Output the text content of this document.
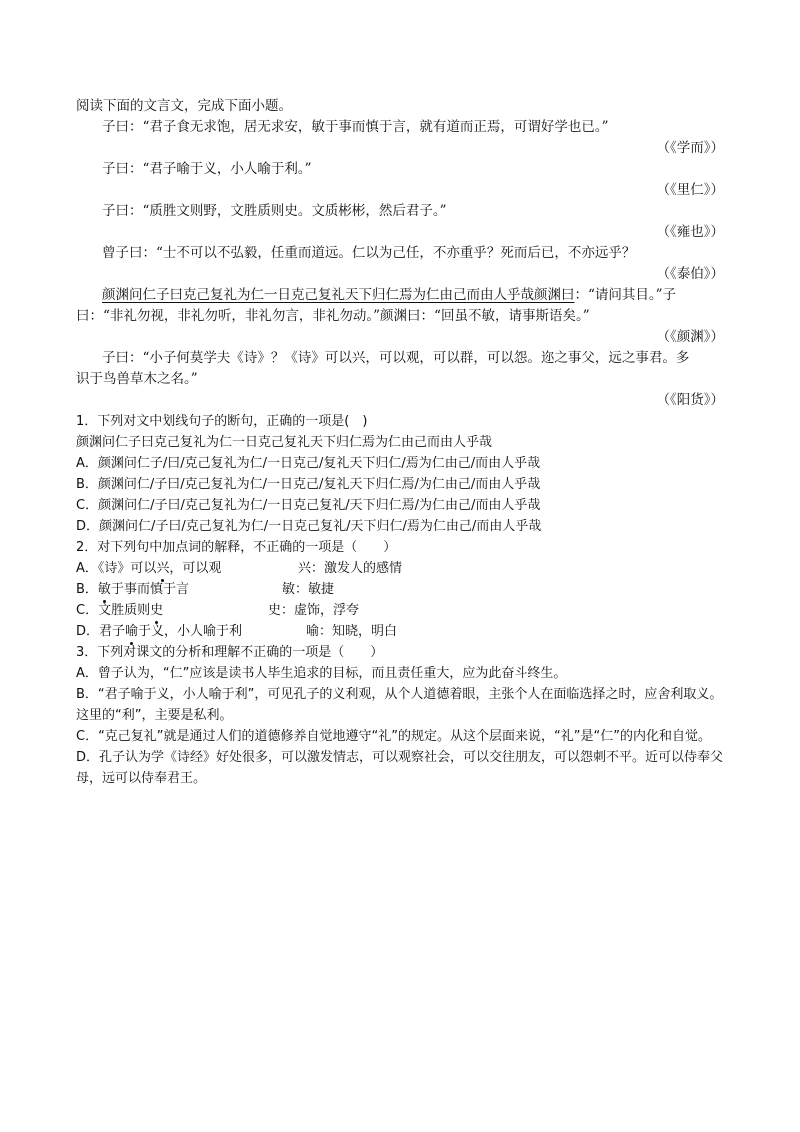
阅读下面的文言文，完成下面小题。
子曰：“君子食无求饱，居无求安，敏于事而慎于言，就有道而正焉，可谓好学也已。”
（《学而》）
子曰：“君子喻于义，小人喻于利。”
（《里仁》）
子曰：“质胜文则野，文胜质则史。文质彬彬，然后君子。”
（《雍也》）
曾子曰：“士不可以不弘毅，任重而道远。仁以为己任，不亦重乎？死而后已，不亦远乎？
（《泰伯》）
颜渊问仁子曰克己复礼为仁一日克己复礼天下归仁焉为仁由己而由人乎哉颜渊曰：“请问其目。”子
曰：“非礼勿视，非礼勿听，非礼勿言，非礼勿动。”颜渊曰：“回虽不敏，请事斯语矣。”
（《颜渊》）
子曰：“小子何莫学夫《诗》？《诗》可以兴，可以观，可以群，可以怨。迩之事父，远之事君。多
识于鸟兽草木之名。”
（《阳货》）
1．下列对文中划线句子的断句，正确的一项是(　)
颜渊问仁子曰克己复礼为仁一日克己复礼天下归仁焉为仁由己而由人乎哉
A．颜渊问仁子/曰/克己复礼为仁/一日克己/复礼天下归仁/焉为仁由己/而由人乎哉
B．颜渊问仁/子曰/克己复礼为仁/一日克己/复礼天下归仁焉/为仁由己/而由人乎哉
C．颜渊问仁/子曰/克己复礼为仁/一日克己复礼/天下归仁焉/为仁由己/而由人乎哉
D．颜渊问仁/子曰/克己复礼为仁/一日克己复礼/天下归仁/焉为仁由己/而由人乎哉
2．对下列句中加点词的解释，不正确的一项是（　　）
A．《诗》可以兴，可以观	兴：激发人的感情
B．敏于事而慎于言	敏：敏捷
C．文胜质则史	史：虚饰，浮夸
D．君子喻于义，小人喻于利	喻：知晓，明白
3．下列对课文的分析和理解不正确的一项是（　　）
A．曾子认为，“仁”应该是读书人毕生追求的目标，而且责任重大，应为此奋斗终生。
B．“君子喻于义，小人喻于利”，可见孔子的义利观，从个人道德着眼，主张个人在面临选择之时，应舍利取义。这里的“利”，主要是私利。
C．“克己复礼”就是通过人们的道德修养自觉地遵守“礼”的规定。从这个层面来说，“礼”是“仁”的内化和自觉。
D．孔子认为学《诗经》好处很多，可以激发情志，可以观察社会，可以交往朋友，可以怨刺不平。近可以侍奉父母，远可以侍奉君王。
